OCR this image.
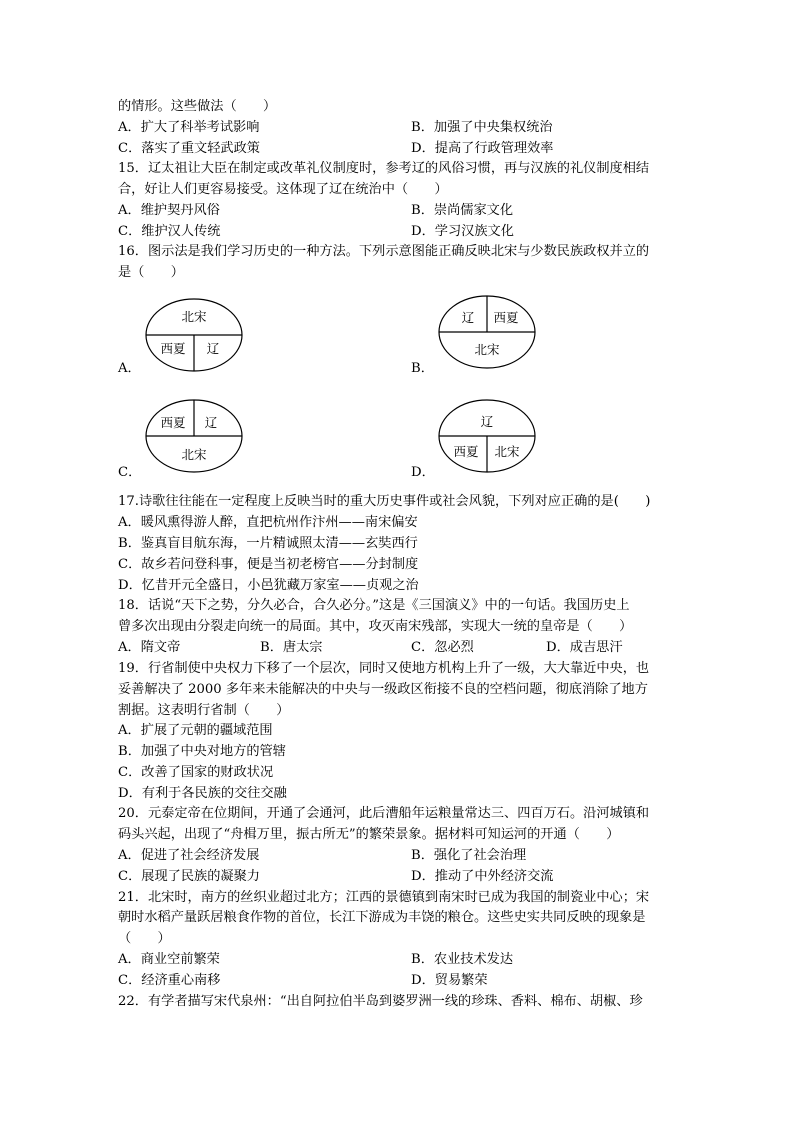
的情形。这些做法（　　）
A．扩大了科举考试影响	B．加强了中央集权统治
C．落实了重文轻武政策	D．提高了行政管理效率
15．辽太祖让大臣在制定或改革礼仪制度时，参考辽的风俗习惯，再与汉族的礼仪制度相结
合，好让人们更容易接受。这体现了辽在统治中（　　）
A．维护契丹风俗	B．崇尚儒家文化
C．维护汉人传统	D．学习汉族文化
16．图示法是我们学习历史的一种方法。下列示意图能正确反映北宋与少数民族政权并立的
是（　　）
A．
北宋
西夏 辽
B．
辽 西夏
北宋
C．
西夏 辽
北宋
D．
辽
西夏 北宋
17.诗歌往往能在一定程度上反映当时的重大历史事件或社会风貌，下列对应正确的是(　　)
A．暖风熏得游人醉，直把杭州作汴州——南宋偏安
B．鉴真盲目航东海，一片精诚照太清——玄奘西行
C．故乡若问登科事，便是当初老榜官——分封制度
D．忆昔开元全盛日，小邑犹藏万家室——贞观之治
18．话说“天下之势，分久必合，合久必分。”这是《三国演义》中的一句话。我国历史上
曾多次出现由分裂走向统一的局面。其中，攻灭南宋残部，实现大一统的皇帝是（　　）
A．隋文帝	B．唐太宗	C．忽必烈	D．成吉思汗
19．行省制使中央权力下移了一个层次，同时又使地方机构上升了一级，大大靠近中央，也
妥善解决了 2000 多年来未能解决的中央与一级政区衔接不良的空档问题，彻底消除了地方
割据。这表明行省制（　　）
A．扩展了元朝的疆域范围
B．加强了中央对地方的管辖
C．改善了国家的财政状况
D．有利于各民族的交往交融
20．元泰定帝在位期间，开通了会通河，此后漕船年运粮量常达三、四百万石。沿河城镇和
码头兴起，出现了“舟楫万里，振古所无”的繁荣景象。据材料可知运河的开通（　　）
A．促进了社会经济发展	B．强化了社会治理
C．展现了民族的凝聚力	D．推动了中外经济交流
21．北宋时，南方的丝织业超过北方；江西的景德镇到南宋时已成为我国的制瓷业中心；宋
朝时水稻产量跃居粮食作物的首位，长江下游成为丰饶的粮仓。这些史实共同反映的现象是
（　　）
A．商业空前繁荣	B．农业技术发达
C．经济重心南移	D．贸易繁荣
22．有学者描写宋代泉州：“出自阿拉伯半岛到婆罗洲一线的珍珠、香料、棉布、胡椒、珍
